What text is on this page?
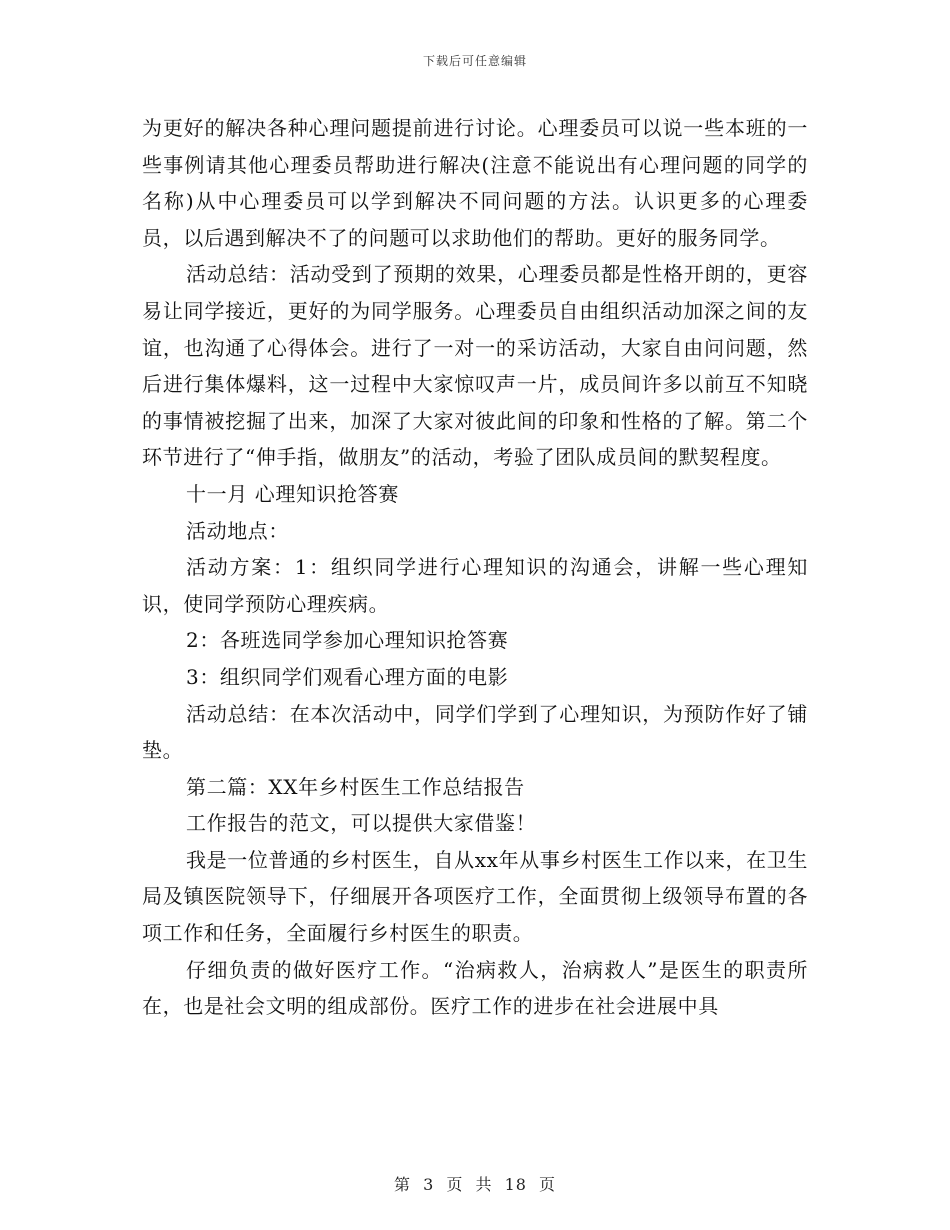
下载后可任意编辑

为更好的解决各种心理问题提前进行讨论。心理委员可以说一些本班的一些事例请其他心理委员帮助进行解决(注意不能说出有心理问题的同学的名称)从中心理委员可以学到解决不同问题的方法。认识更多的心理委员，以后遇到解决不了的问题可以求助他们的帮助。更好的服务同学。

活动总结：活动受到了预期的效果，心理委员都是性格开朗的，更容易让同学接近，更好的为同学服务。心理委员自由组织活动加深之间的友谊，也沟通了心得体会。进行了一对一的采访活动，大家自由问问题，然后进行集体爆料，这一过程中大家惊叹声一片，成员间许多以前互不知晓的事情被挖掘了出来，加深了大家对彼此间的印象和性格的了解。第二个环节进行了“伸手指，做朋友”的活动，考验了团队成员间的默契程度。

十一月 心理知识抢答赛

活动地点：

活动方案：1：组织同学进行心理知识的沟通会，讲解一些心理知识，使同学预防心理疾病。

2：各班选同学参加心理知识抢答赛

3：组织同学们观看心理方面的电影

活动总结：在本次活动中，同学们学到了心理知识，为预防作好了铺垫。

第二篇：XX年乡村医生工作总结报告

工作报告的范文，可以提供大家借鉴！

我是一位普通的乡村医生，自从xx年从事乡村医生工作以来，在卫生局及镇医院领导下，仔细展开各项医疗工作，全面贯彻上级领导布置的各项工作和任务，全面履行乡村医生的职责。

仔细负责的做好医疗工作。“治病救人，治病救人”是医生的职责所在，也是社会文明的组成部份。医疗工作的进步在社会进展中具

第 3 页 共 18 页
